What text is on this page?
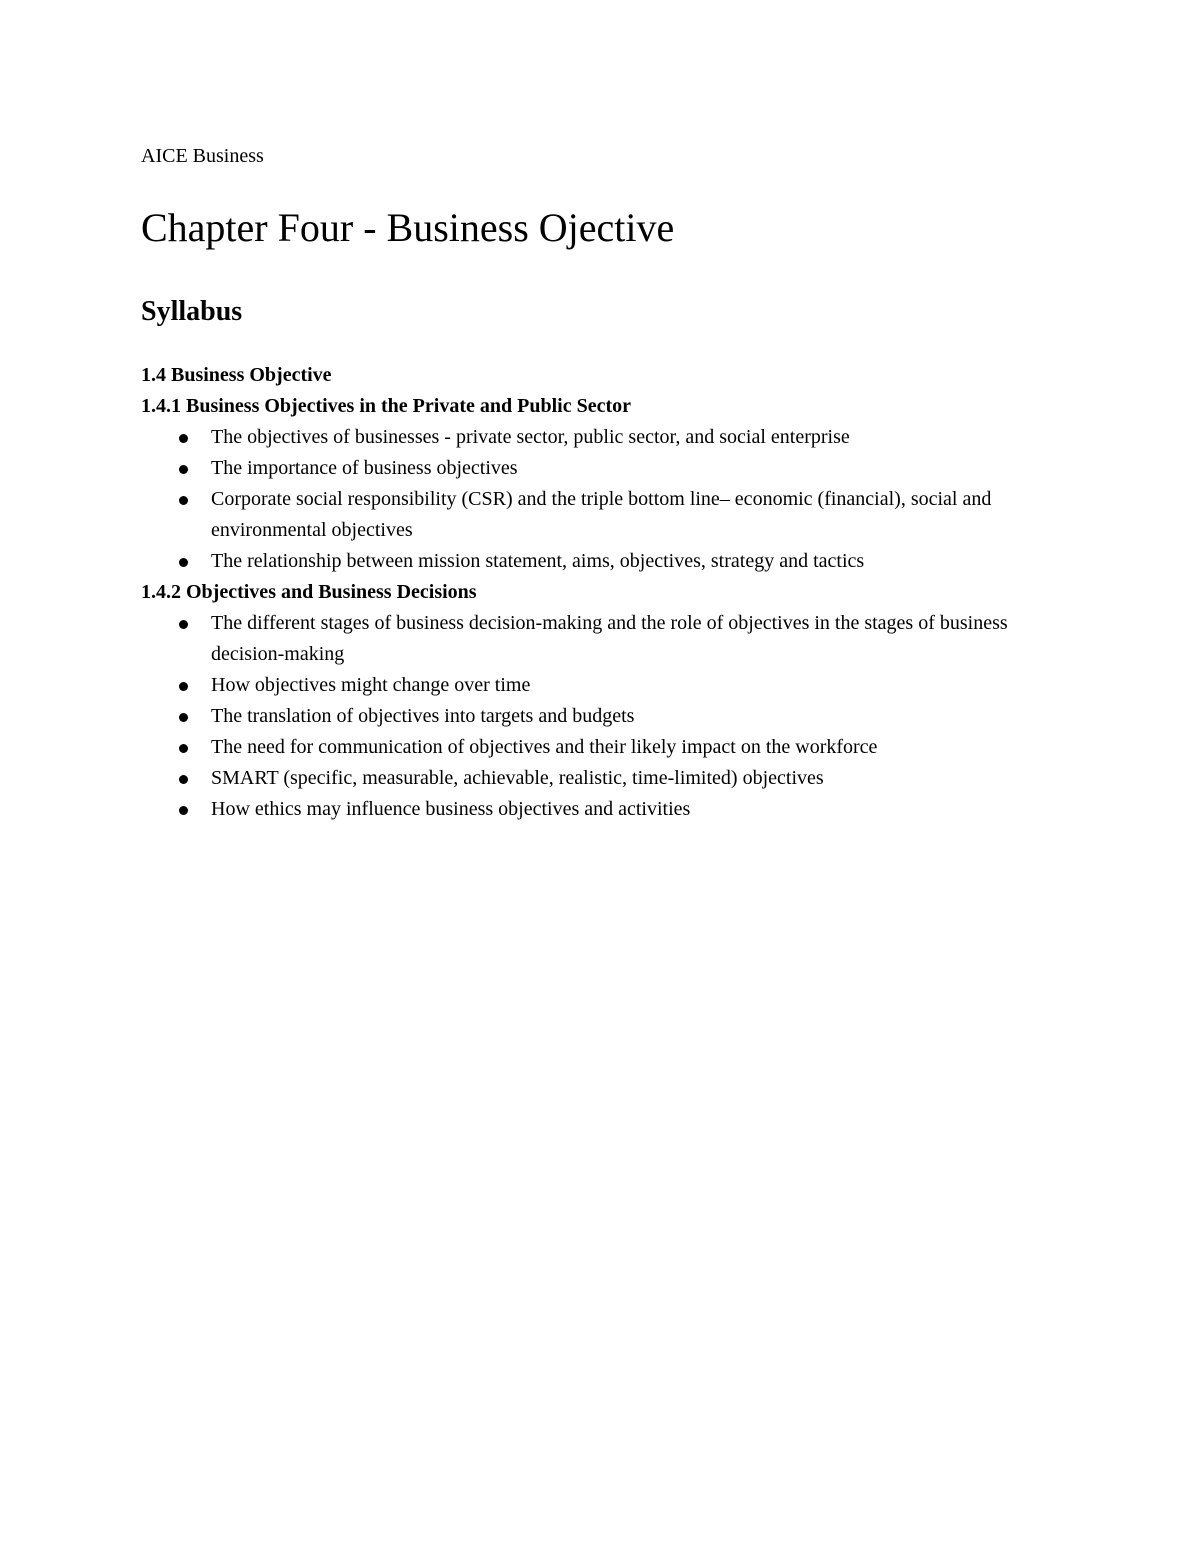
AICE Business

Chapter Four - Business Ojective
Syllabus

1.4 Business Objective

1.4.1 Business Objectives in the Private and Public Sector

The objectives of businesses - private sector, public sector, and social enterprise
The importance of business objectives
Corporate social responsibility (CSR) and the triple bottom line– economic (financial), social and environmental objectives
The relationship between mission statement, aims, objectives, strategy and tactics

1.4.2 Objectives and Business Decisions

The different stages of business decision-making and the role of objectives in the stages of business decision-making
How objectives might change over time
The translation of objectives into targets and budgets
The need for communication of objectives and their likely impact on the workforce
SMART (specific, measurable, achievable, realistic, time-limited) objectives
How ethics may influence business objectives and activities
